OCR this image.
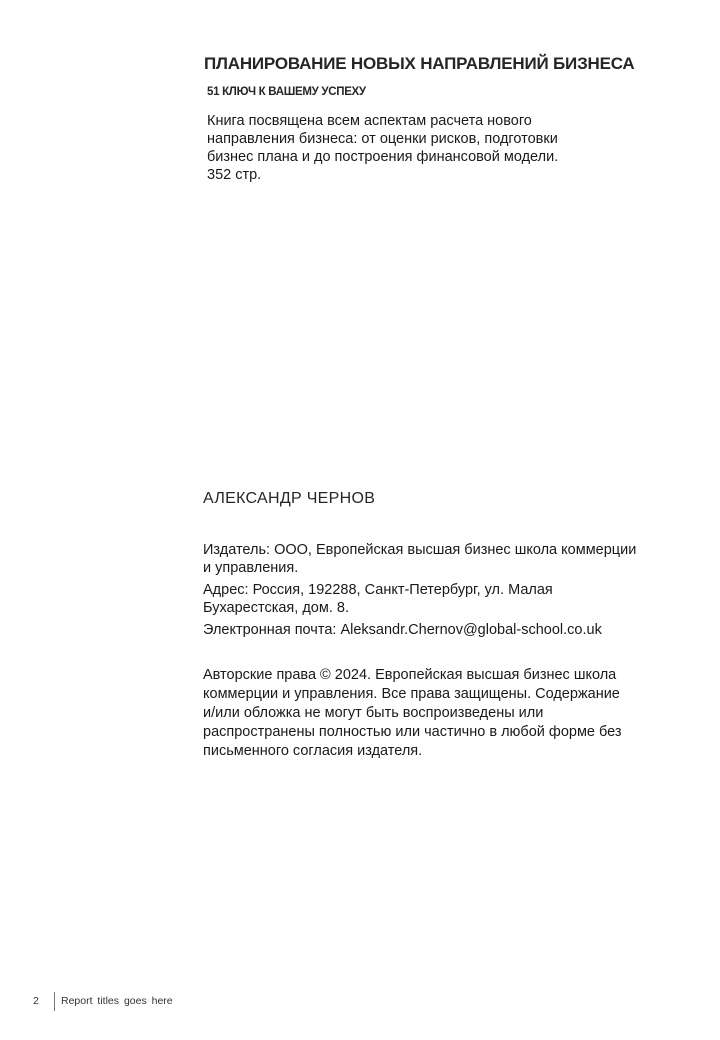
ПЛАНИРОВАНИЕ НОВЫХ НАПРАВЛЕНИЙ БИЗНЕСА
51 КЛЮЧ К ВАШЕМУ УСПЕХУ
Книга посвящена всем аспектам расчета нового
направления бизнеса: от оценки рисков, подготовки
бизнес плана и до построения финансовой модели.
352 стр.
АЛЕКСАНДР ЧЕРНОВ
Издатель: ООО, Европейская высшая бизнес школа коммерции
и управления.
Адрес: Россия, 192288, Санкт-Петербург, ул. Малая
Бухарестская, дом. 8.
Электронная почта: Aleksandr.Chernov@global-school.co.uk
Авторские права © 2024. Европейская высшая бизнес школа
коммерции и управления. Все права защищены. Содержание
и/или обложка не могут быть воспроизведены или
распространены полностью или частично в любой форме без
письменного согласия издателя.
2 Report titles goes here
